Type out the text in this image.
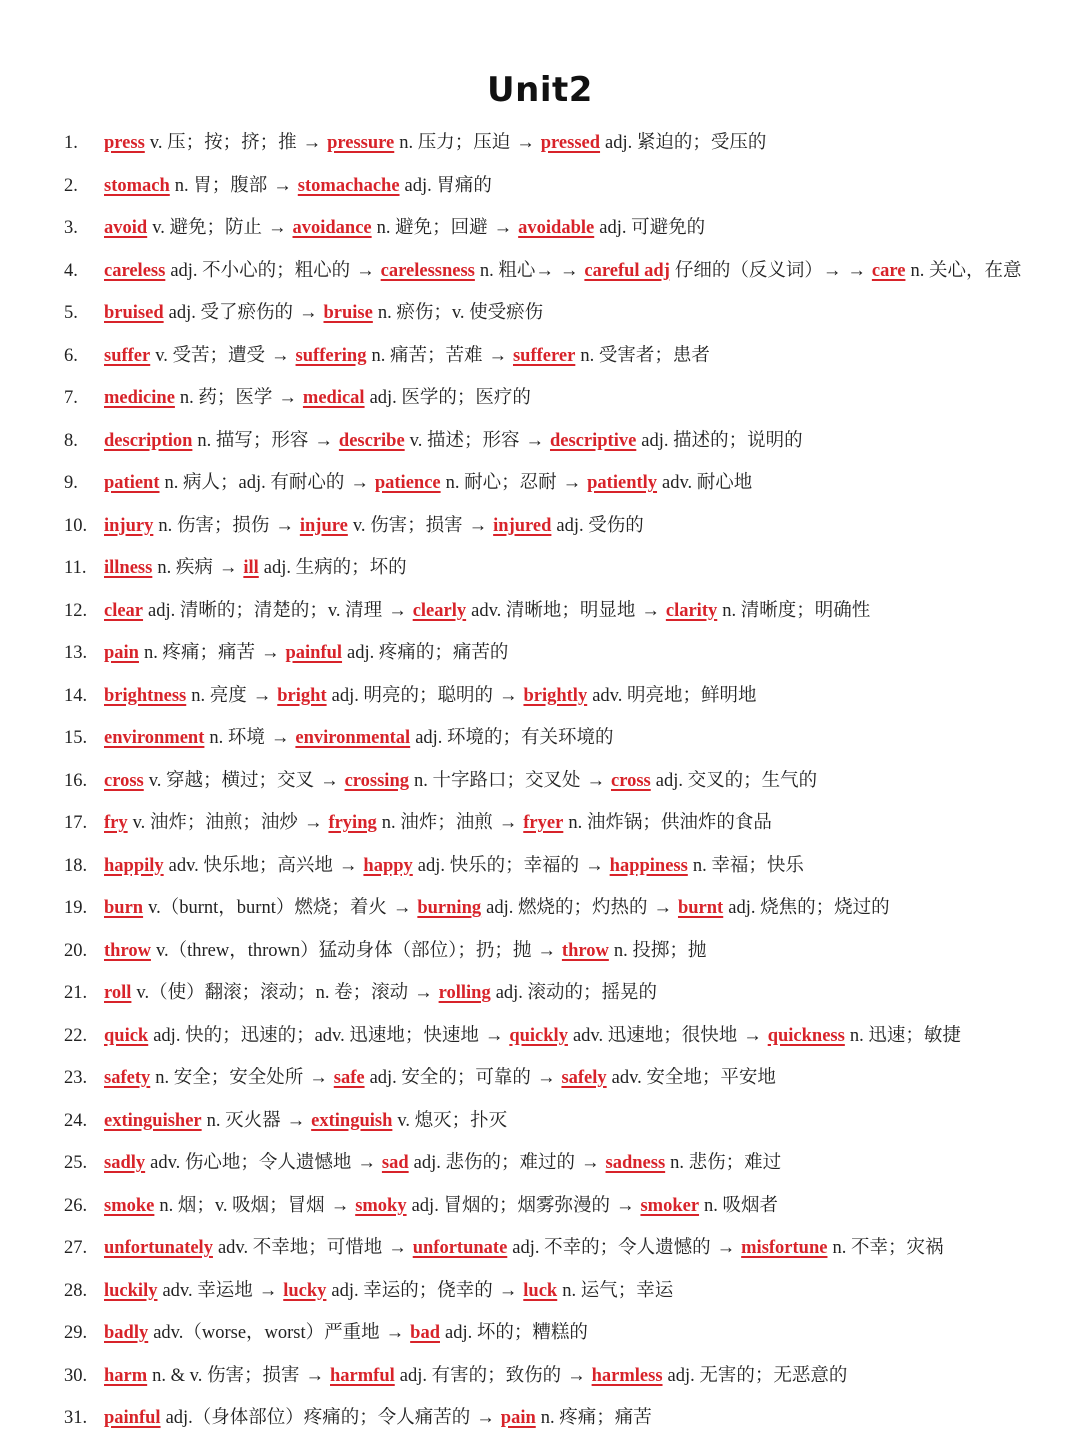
Unit2
1.	press v. 压；按；挤；推 → pressure n. 压力；压迫 → pressed adj. 紧迫的；受压的
2.	stomach n. 胃；腹部 → stomachache adj. 胃痛的
3.	avoid v. 避免；防止 → avoidance n. 避免；回避 → avoidable adj. 可避免的
4.	careless adj. 不小心的；粗心的 → carelessness n. 粗心→ → careful adj 仔细的（反义词）→ → care n. 关心，在意
5.	bruised adj. 受了瘀伤的 → bruise n. 瘀伤；v. 使受瘀伤
6.	suffer v. 受苦；遭受 → suffering n. 痛苦；苦难 → sufferer n. 受害者；患者
7.	medicine n. 药；医学 → medical adj. 医学的；医疗的
8.	description n. 描写；形容 → describe v. 描述；形容 → descriptive adj. 描述的；说明的
9.	patient n. 病人；adj. 有耐心的 → patience n. 耐心；忍耐 → patiently adv. 耐心地
10. injury n. 伤害；损伤 → injure v. 伤害；损害 → injured adj. 受伤的
11. illness n. 疾病 → ill adj. 生病的；坏的
12. clear adj. 清晰的；清楚的；v. 清理 → clearly adv. 清晰地；明显地 → clarity n. 清晰度；明确性
13. pain n. 疼痛；痛苦 → painful adj. 疼痛的；痛苦的
14. brightness n. 亮度 → bright adj. 明亮的；聪明的 → brightly adv. 明亮地；鲜明地
15. environment n. 环境 → environmental adj. 环境的；有关环境的
16. cross v. 穿越；横过；交叉 → crossing n. 十字路口；交叉处 → cross adj. 交叉的；生气的
17. fry v. 油炸；油煎；油炒 → frying n. 油炸；油煎 → fryer n. 油炸锅；供油炸的食品
18. happily adv. 快乐地；高兴地 → happy adj. 快乐的；幸福的 → happiness n. 幸福；快乐
19. burn v.（burnt，burnt）燃烧；着火 → burning adj. 燃烧的；灼热的 → burnt adj. 烧焦的；烧过的
20. throw v.（threw，thrown）猛动身体（部位）；扔；抛 → throw n. 投掷；抛
21. roll v.（使）翻滚；滚动；n. 卷；滚动 → rolling adj. 滚动的；摇晃的
22. quick adj. 快的；迅速的；adv. 迅速地；快速地 → quickly adv. 迅速地；很快地 → quickness n. 迅速；敏捷
23. safety n. 安全；安全处所 → safe adj. 安全的；可靠的 → safely adv. 安全地；平安地
24. extinguisher n. 灭火器 → extinguish v. 熄灭；扑灭
25. sadly adv. 伤心地；令人遗憾地 → sad adj. 悲伤的；难过的 → sadness n. 悲伤；难过
26. smoke n. 烟；v. 吸烟；冒烟 → smoky adj. 冒烟的；烟雾弥漫的 → smoker n. 吸烟者
27. unfortunately adv. 不幸地；可惜地 → unfortunate adj. 不幸的；令人遗憾的 → misfortune n. 不幸；灾祸
28. luckily adv. 幸运地 → lucky adj. 幸运的；侥幸的 → luck n. 运气；幸运
29. badly adv.（worse，worst）严重地 → bad adj. 坏的；糟糕的
30. harm n. & v. 伤害；损害 → harmful adj. 有害的；致伤的 → harmless adj. 无害的；无恶意的
31. painful adj.（身体部位）疼痛的；令人痛苦的 → pain n. 疼痛；痛苦
